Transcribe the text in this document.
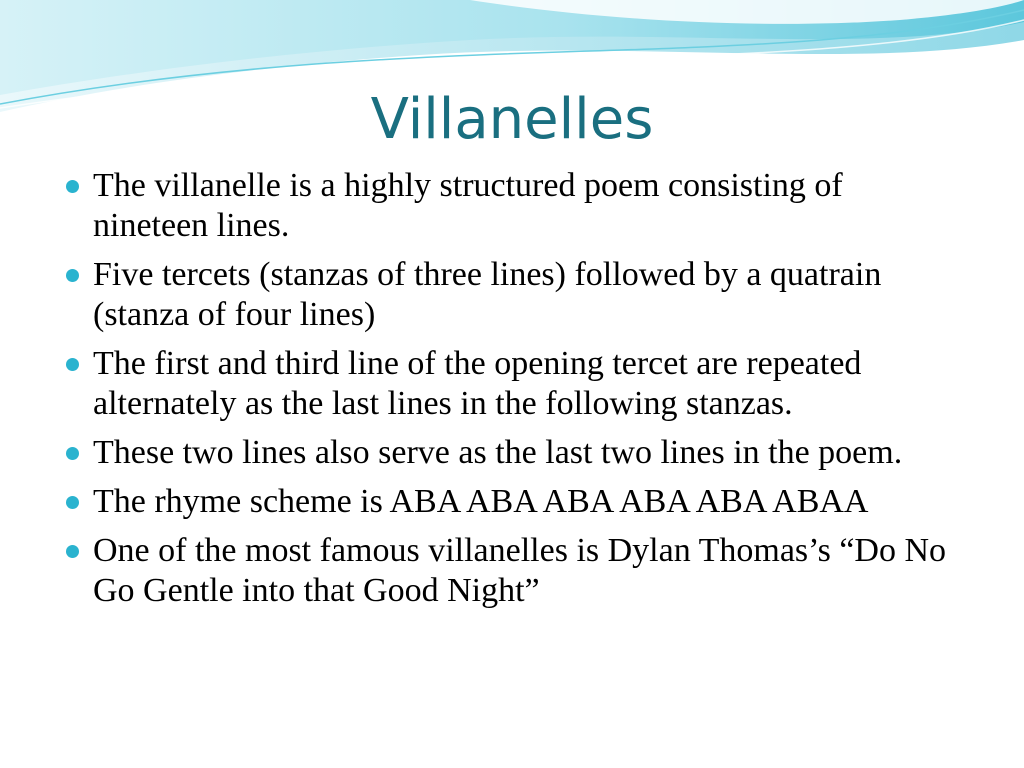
Villanelles
The villanelle is a highly structured poem consisting of nineteen lines.
Five tercets (stanzas of three lines) followed by a quatrain (stanza of four lines)
The first and third line of the opening tercet are repeated alternately as the last lines in the following stanzas.
These two lines also serve as the last two lines in the poem.
The rhyme scheme is ABA ABA ABA ABA ABA ABAA
One of the most famous villanelles is Dylan Thomas’s “Do No Go Gentle into that Good Night”
